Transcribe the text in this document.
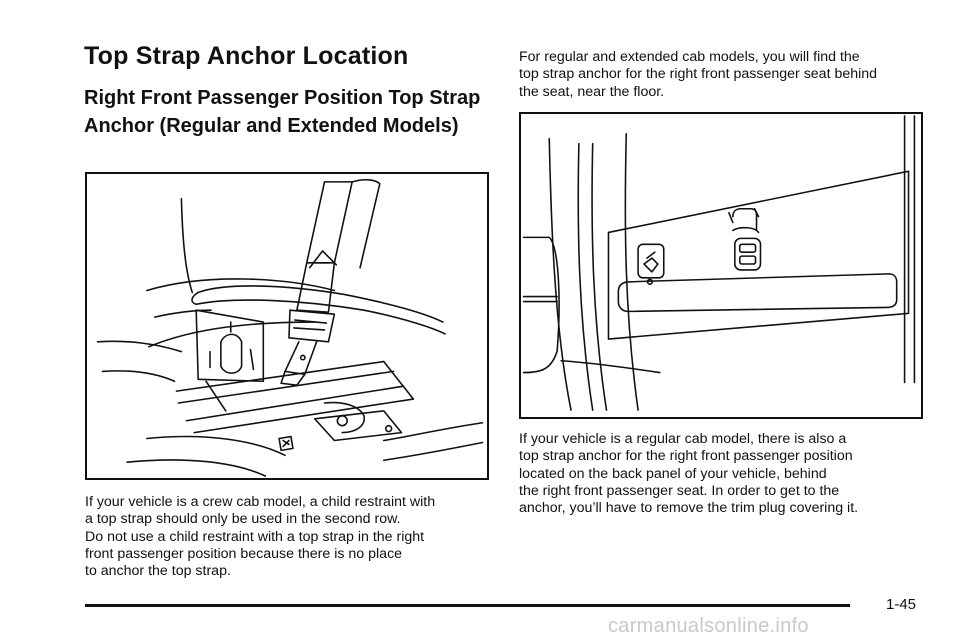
Top Strap Anchor Location
Right Front Passenger Position Top Strap Anchor (Regular and Extended Models)
If your vehicle is a crew cab model, a child restraint with
a top strap should only be used in the second row.
Do not use a child restraint with a top strap in the right
front passenger position because there is no place
to anchor the top strap.
For regular and extended cab models, you will find the
top strap anchor for the right front passenger seat behind
the seat, near the floor.
If your vehicle is a regular cab model, there is also a
top strap anchor for the right front passenger position
located on the back panel of your vehicle, behind
the right front passenger seat. In order to get to the
anchor, you’ll have to remove the trim plug covering it.
1-45
carmanualsonline.info
